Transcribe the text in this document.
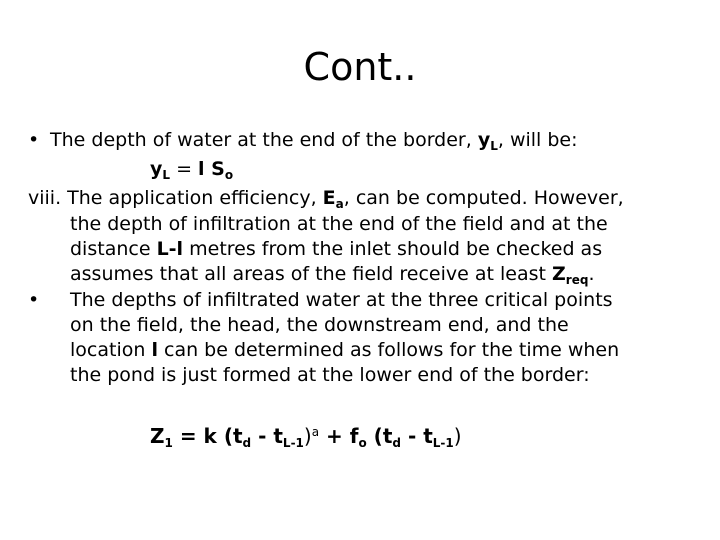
Cont..
• The depth of water at the end of the border, $y_L$, will be:
$y_L = l$ $S_o$
viii. The application efficiency, $E_a$, can be computed. However,
the depth of infiltration at the end of the field and at the
distance L-l metres from the inlet should be checked as
assumes that all areas of the field receive at least $Z_{req}$.
• The depths of infiltrated water at the three critical points
on the field, the head, the downstream end, and the
location l can be determined as follows for the time when
the pond is just formed at the lower end of the border:
$Z_1 = k$ $(t_d - t_{L-1})^a + f_o$ $(t_d - t_{L-1})$
